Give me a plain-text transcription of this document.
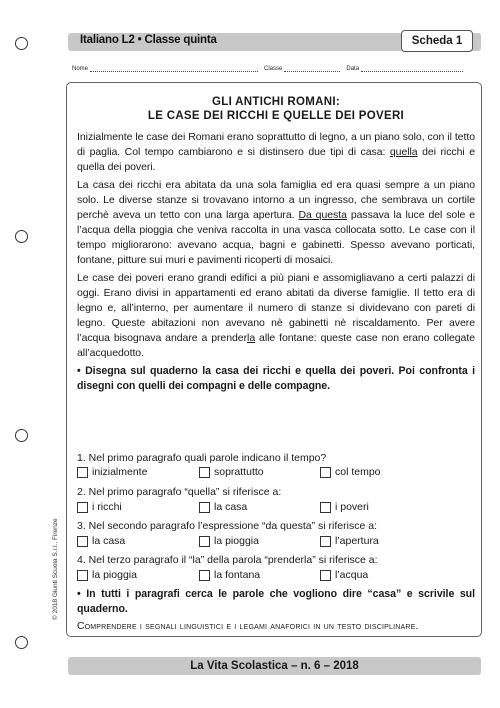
Italiano L2 • Classe quinta	Scheda 1
Nome	Classe	Data
© 2018 Giunti Scuola S.r.l., Firenze
GLI ANTICHI ROMANI:
LE CASE DEI RICCHI E QUELLE DEI POVERI

Inizialmente le case dei Romani erano soprattutto di legno, a un piano solo, con il tetto di paglia. Col tempo cambiarono e si distinsero due tipi di casa: quella dei ricchi e quella dei poveri.

La casa dei ricchi era abitata da una sola famiglia ed era quasi sempre a un piano solo. Le diverse stanze si trovavano intorno a un ingresso, che sembrava un cortile perchè aveva un tetto con una larga apertura. Da questa passava la luce del sole e l’acqua della pioggia che veniva raccolta in una vasca collocata sotto. Le case con il tempo migliorarono: avevano acqua, bagni e gabinetti. Spesso avevano porticati, fontane, pitture sui muri e pavimenti ricoperti di mosaici.

Le case dei poveri erano grandi edifici a più piani e assomigliavano a certi palazzi di oggi. Erano divisi in appartamenti ed erano abitati da diverse famiglie. Il tetto era di legno e, all’interno, per aumentare il numero di stanze si dividevano con pareti di legno. Queste abitazioni non avevano nè gabinetti nè riscaldamento. Per avere l’acqua bisognava andare a prenderla alle fontane: queste case non erano collegate all’acquedotto.

• Disegna sul quaderno la casa dei ricchi e quella dei poveri. Poi confronta i disegni con quelli dei compagni e delle compagne.

1. Nel primo paragrafo quali parole indicano il tempo?
inizialmente	soprattutto	col tempo
2. Nel primo paragrafo “quella” si riferisce a:
i ricchi	la casa	i poveri
3. Nel secondo paragrafo l’espressione “da questa” si riferisce a:
la casa	la pioggia	l’apertura
4. Nel terzo paragrafo il “la” della parola “prenderla” si riferisce a:
la pioggia	la fontana	l’acqua
• In tutti i paragrafi cerca le parole che vogliono dire “casa” e scrivile sul quaderno.
Comprendere i segnali linguistici e i legami anaforici in un testo disciplinare.
La Vita Scolastica – n. 6 – 2018
